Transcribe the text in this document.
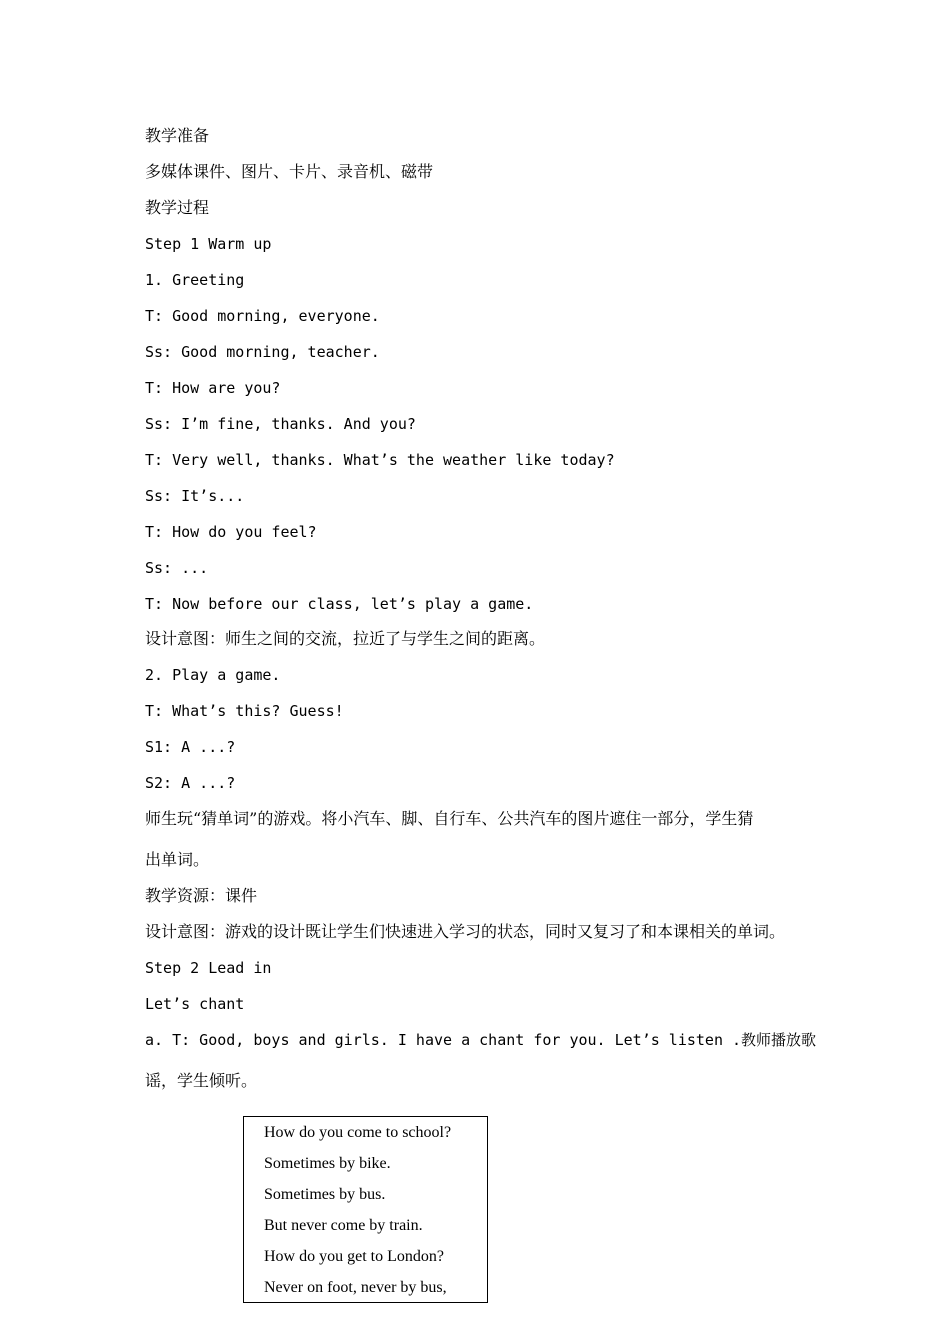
教学准备
多媒体课件、图片、卡片、录音机、磁带
教学过程
Step 1 Warm up
1. Greeting
T: Good morning, everyone.
Ss: Good morning, teacher.
T: How are you?
Ss: I’m fine, thanks. And you?
T: Very well, thanks. What’s the weather like today?
Ss: It’s...
T: How do you feel?
Ss: ...
T: Now before our class, let’s play a game.
设计意图：师生之间的交流，拉近了与学生之间的距离。
2. Play a game.
T: What’s this? Guess!
S1: A ...?
S2: A ...?
师生玩“猜单词”的游戏。将小汽车、脚、自行车、公共汽车的图片遮住一部分，学生猜
出单词。
教学资源：课件
设计意图：游戏的设计既让学生们快速进入学习的状态，同时又复习了和本课相关的单词。
Step 2 Lead in
Let’s chant
a. T: Good, boys and girls. I have a chant for you. Let’s listen .教师播放歌
谣，学生倾听。
How do you come to school?
Sometimes by bike.
Sometimes by bus.
But never come by train.
How do you get to London?
Never on foot, never by bus,
